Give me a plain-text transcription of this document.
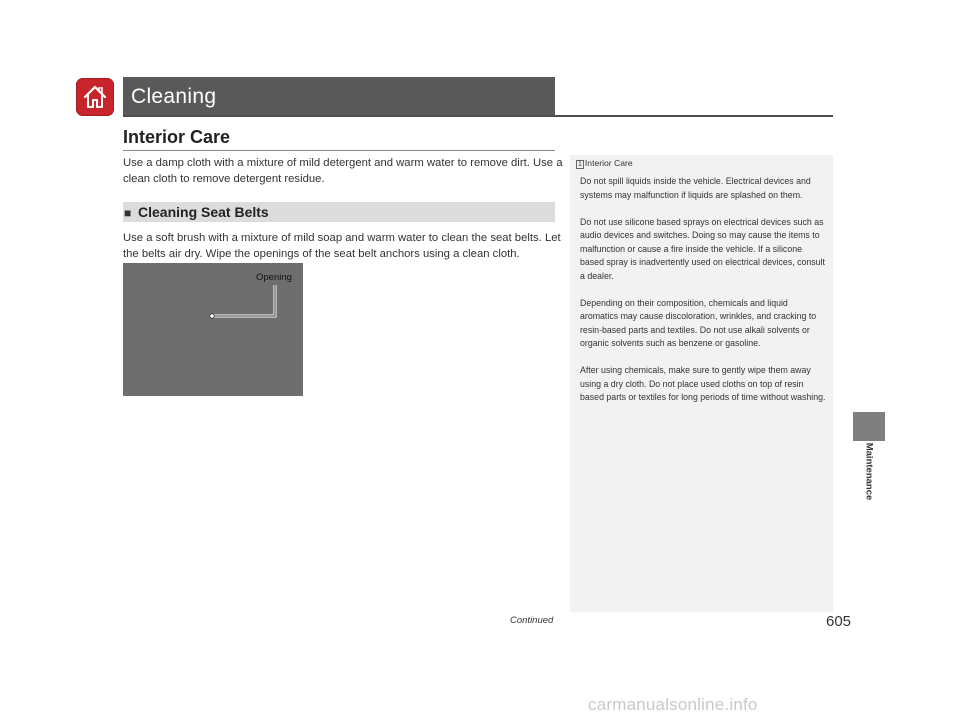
Cleaning
Interior Care
Use a damp cloth with a mixture of mild detergent and warm water to remove dirt. Use a clean cloth to remove detergent residue.
■ Cleaning Seat Belts
Use a soft brush with a mixture of mild soap and warm water to clean the seat belts. Let the belts air dry. Wipe the openings of the seat belt anchors using a clean cloth.
Opening
1 Interior Care

Do not spill liquids inside the vehicle. Electrical devices and systems may malfunction if liquids are splashed on them.

Do not use silicone based sprays on electrical devices such as audio devices and switches. Doing so may cause the items to malfunction or cause a fire inside the vehicle. If a silicone based spray is inadvertently used on electrical devices, consult a dealer.

Depending on their composition, chemicals and liquid aromatics may cause discoloration, wrinkles, and cracking to resin-based parts and textiles. Do not use alkali solvents or organic solvents such as benzene or gasoline.

After using chemicals, make sure to gently wipe them away using a dry cloth. Do not place used cloths on top of resin based parts or textiles for long periods of time without washing.

Maintenance
Continued	605
carmanualsonline.info
